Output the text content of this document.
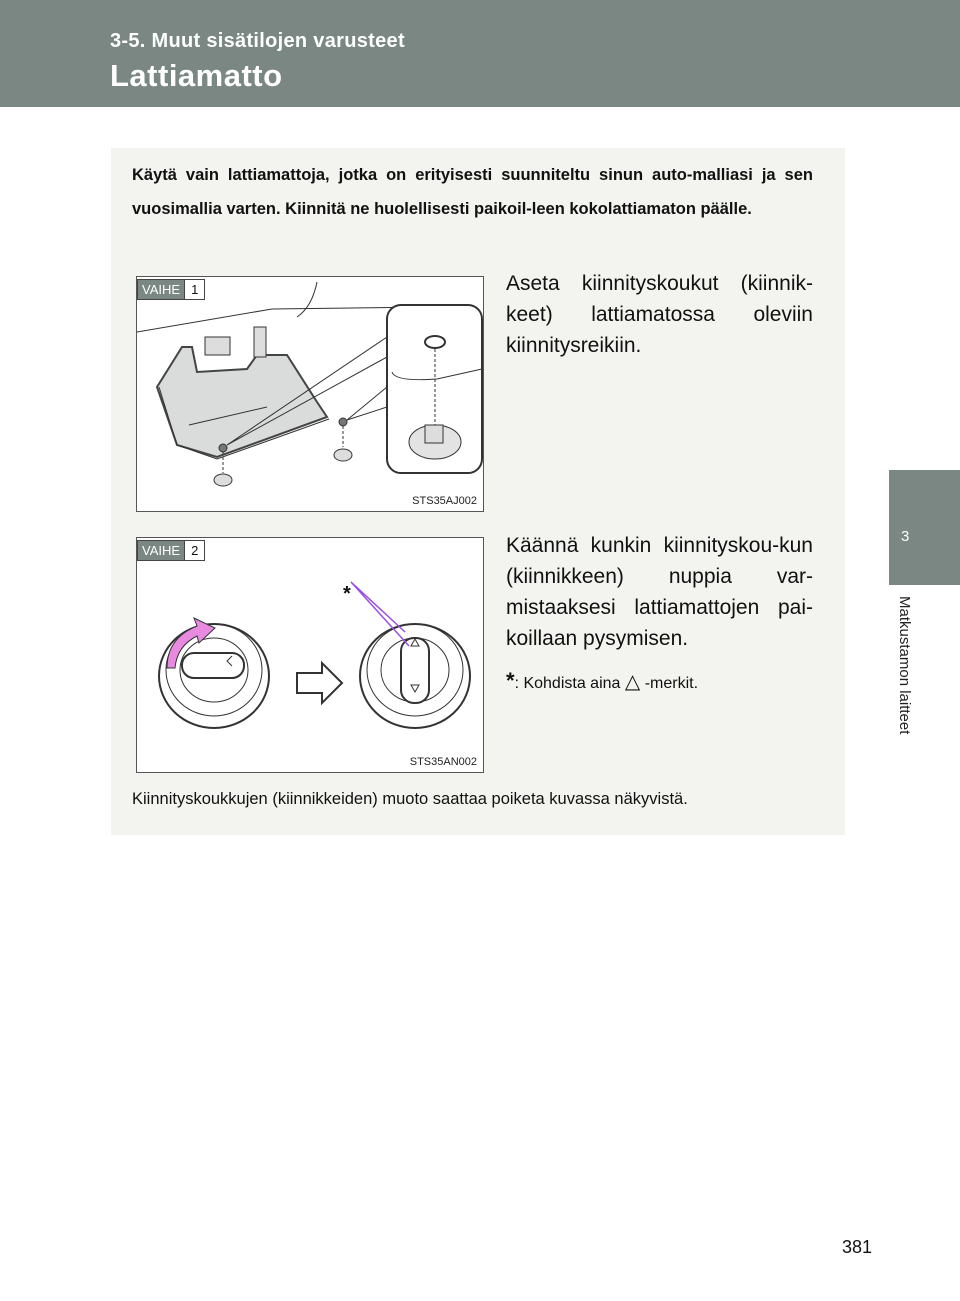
3-5. Muut sisätilojen varusteet
Lattiamatto
3
Matkustamon laitteet
Käytä vain lattiamattoja, jotka on erityisesti suunniteltu sinun auto-malliasi ja sen vuosimallia varten. Kiinnitä ne huolellisesti paikoil-leen kokolattiamaton päälle.
VAIHE 1
STS35AJ002
Aseta kiinnityskoukut (kiinnik-keet) lattiamatossa oleviin kiinnitysreikiin.
*
VAIHE 2
STS35AN002
Käännä kunkin kiinnityskou-kun (kiinnikkeen) nuppia var-mistaaksesi lattiamattojen pai-koillaan pysymisen.
*: Kohdista aina △ -merkit.
Kiinnityskoukkujen (kiinnikkeiden) muoto saattaa poiketa kuvassa näkyvistä.
381
